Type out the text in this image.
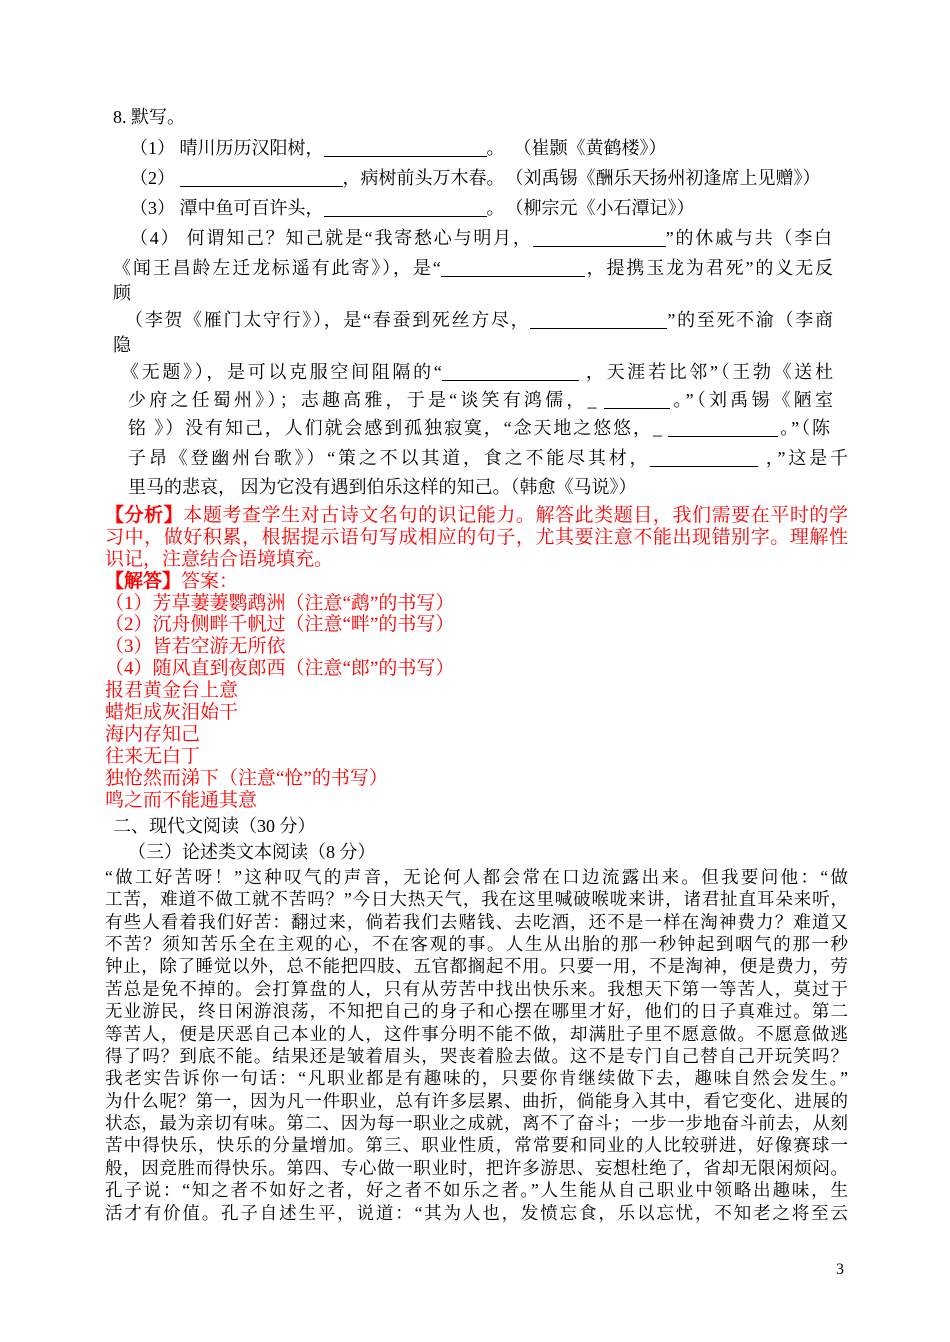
8. 默写。
（1） 晴川历历汉阳树，	。 （崔颢《黄鹤楼》）
（2）	，病树前头万木春。 （刘禹锡《酬乐天扬州初逢席上见赠》）
（3） 潭中鱼可百许头，	。 （柳宗元《小石潭记》）
（4） 何谓知己？知己就是“我寄愁心与明月，	”的休戚与共（李白
《闻王昌龄左迁龙标遥有此寄》），是“	，提携玉龙为君死”的义无反
顾
（李贺《雁门太守行》），是“春蚕到死丝方尽，	”的至死不渝（李商
隐
《无题》），是可以克服空间阻隔的“	，天涯若比邻”（王勃《送杜
少府之任蜀州》）；志趣高雅，于是“谈笑有鸿儒，_	。”（刘禹锡《陋室
铭 》）没有知己，人们就会感到孤独寂寞，“念天地之悠悠，_	。”（陈
子昂《登幽州台歌》）“策之不以其道，食之不能尽其材，	，”这是千
里马的悲哀， 因为它没有遇到伯乐这样的知己。（韩愈《马说》）
【分析】本题考查学生对古诗文名句的识记能力。解答此类题目，我们需要在平时的学
习中，做好积累，根据提示语句写成相应的句子，尤其要注意不能出现错别字。理解性
识记，注意结合语境填充。
【解答】答案：
（1）芳草萋萋鹦鹉洲（注意“鹉”的书写）
（2）沉舟侧畔千帆过（注意“畔”的书写）
（3）皆若空游无所依
（4）随风直到夜郎西（注意“郎”的书写）
报君黄金台上意
蜡炬成灰泪始干
海内存知己
往来无白丁
独怆然而涕下（注意“怆”的书写）
鸣之而不能通其意
二、现代文阅读（30 分）
（三）论述类文本阅读（8 分）
“做工好苦呀！”这种叹气的声音，无论何人都会常在口边流露出来。但我要问他：“做
工苦，难道不做工就不苦吗？”今日大热天气，我在这里喊破喉咙来讲，诸君扯直耳朵来听，
有些人看着我们好苦：翻过来，倘若我们去赌钱、去吃酒，还不是一样在淘神费力？难道又
不苦？须知苦乐全在主观的心，不在客观的事。人生从出胎的那一秒钟起到咽气的那一秒
钟止，除了睡觉以外，总不能把四肢、五官都搁起不用。只要一用，不是淘神，便是费力，劳
苦总是免不掉的。会打算盘的人，只有从劳苦中找出快乐来。我想天下第一等苦人，莫过于
无业游民，终日闲游浪荡，不知把自己的身子和心摆在哪里才好，他们的日子真难过。第二
等苦人，便是厌恶自己本业的人，这件事分明不能不做，却满肚子里不愿意做。不愿意做逃
得了吗？到底不能。结果还是皱着眉头，哭丧着脸去做。这不是专门自己替自己开玩笑吗？
我老实告诉你一句话：“凡职业都是有趣味的，只要你肯继续做下去，趣味自然会发生。”
为什么呢？第一，因为凡一件职业，总有许多层累、曲折，倘能身入其中，看它变化、进展的
状态，最为亲切有味。第二、因为每一职业之成就，离不了奋斗；一步一步地奋斗前去，从刻
苦中得快乐，快乐的分量增加。第三、职业性质，常常要和同业的人比较骈进，好像赛球一
般，因竞胜而得快乐。第四、专心做一职业时，把许多游思、妄想杜绝了，省却无限闲烦闷。
孔子说：“知之者不如好之者，好之者不如乐之者。”人生能从自己职业中领略出趣味，生
活才有价值。孔子自述生平，说道：“其为人也，发愤忘食，乐以忘忧，不知老之将至云
3
